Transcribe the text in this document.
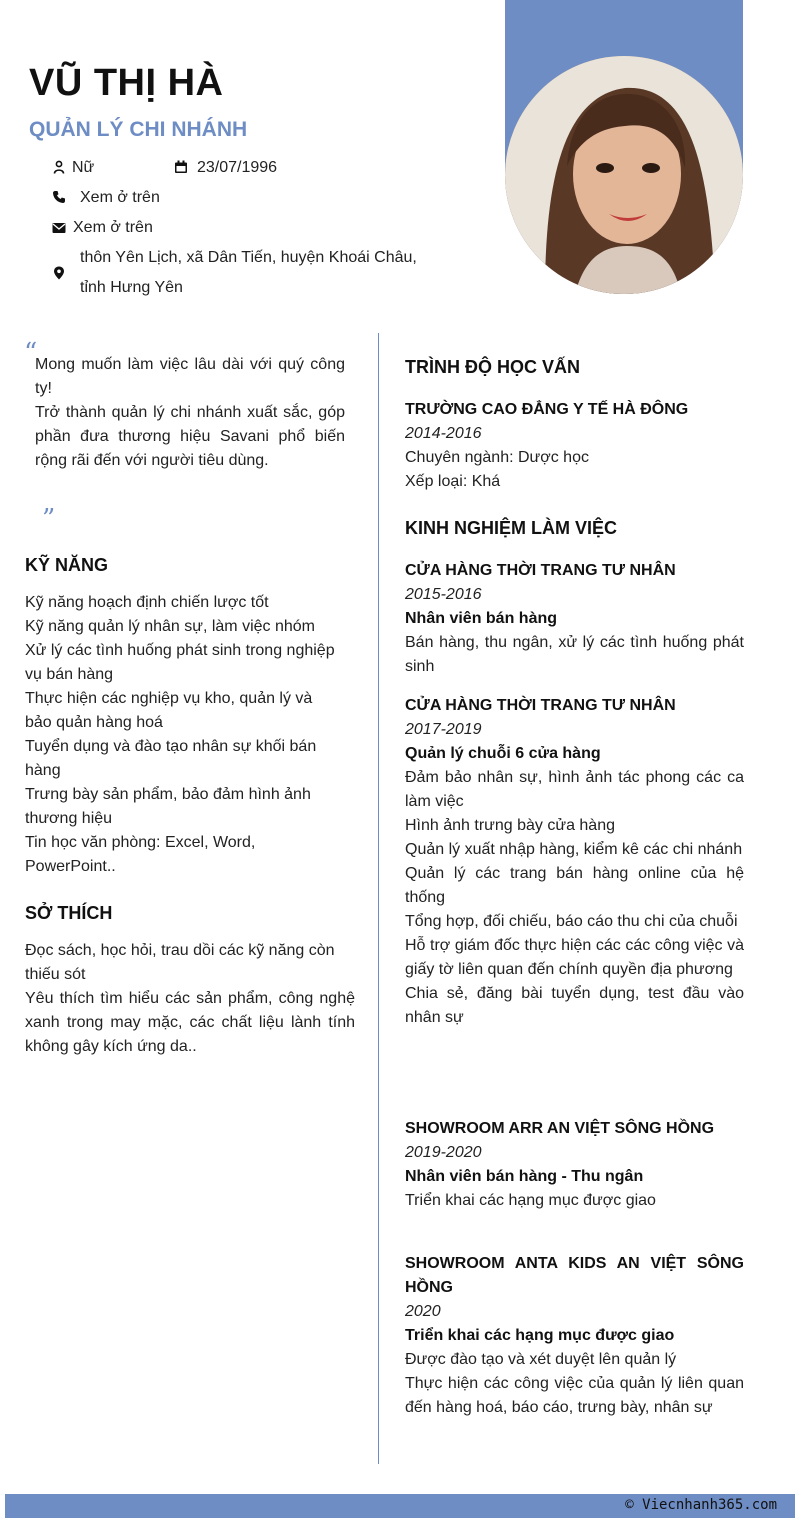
VŨ THỊ HÀ
QUẢN LÝ CHI NHÁNH
Nữ	23/07/1996
Xem ở trên
Xem ở trên
thôn Yên Lịch, xã Dân Tiến, huyện Khoái Châu,
tỉnh Hưng Yên
“

Mong muốn làm việc lâu dài với quý công ty!

Trở thành quản lý chi nhánh xuất sắc, góp phần đưa thương hiệu Savani phổ biến rộng rãi đến với người tiêu dùng.

”
KỸ NĂNG

Kỹ năng hoạch định chiến lược tốt

Kỹ năng quản lý nhân sự, làm việc nhóm

Xử lý các tình huống phát sinh trong nghiệp vụ bán hàng

Thực hiện các nghiệp vụ kho, quản lý và bảo quản hàng hoá

Tuyển dụng và đào tạo nhân sự khối bán hàng

Trưng bày sản phẩm, bảo đảm hình ảnh thương hiệu

Tin học văn phòng: Excel, Word, PowerPoint..

SỞ THÍCH

Đọc sách, học hỏi, trau dồi các kỹ năng còn thiếu sót

Yêu thích tìm hiểu các sản phẩm, công nghệ xanh trong may mặc, các chất liệu lành tính không gây kích ứng da..

TRÌNH ĐỘ HỌC VẤN

TRƯỜNG CAO ĐẲNG Y TẾ HÀ ĐÔNG

2014-2016

Chuyên ngành: Dược học

Xếp loại: Khá

KINH NGHIỆM LÀM VIỆC

CỬA HÀNG THỜI TRANG TƯ NHÂN

2015-2016

Nhân viên bán hàng

Bán hàng, thu ngân, xử lý các tình huống phát sinh

CỬA HÀNG THỜI TRANG TƯ NHÂN

2017-2019

Quản lý chuỗi 6 cửa hàng

Đảm bảo nhân sự, hình ảnh tác phong các ca làm việc

Hình ảnh trưng bày cửa hàng

Quản lý xuất nhập hàng, kiểm kê các chi nhánh

Quản lý các trang bán hàng online của hệ thống

Tổng hợp, đối chiếu, báo cáo thu chi của chuỗi

Hỗ trợ giám đốc thực hiện các các công việc và giấy tờ liên quan đến chính quyền địa phương

Chia sẻ, đăng bài tuyển dụng, test đầu vào nhân sự

SHOWROOM ARR AN VIỆT SÔNG HỒNG

2019-2020

Nhân viên bán hàng - Thu ngân

Triển khai các hạng mục được giao

SHOWROOM ANTA KIDS AN VIỆT SÔNG HỒNG

2020

Triển khai các hạng mục được giao

Được đào tạo và xét duyệt lên quản lý

Thực hiện các công việc của quản lý liên quan đến hàng hoá, báo cáo, trưng bày, nhân sự

© Viecnhanh365.com
